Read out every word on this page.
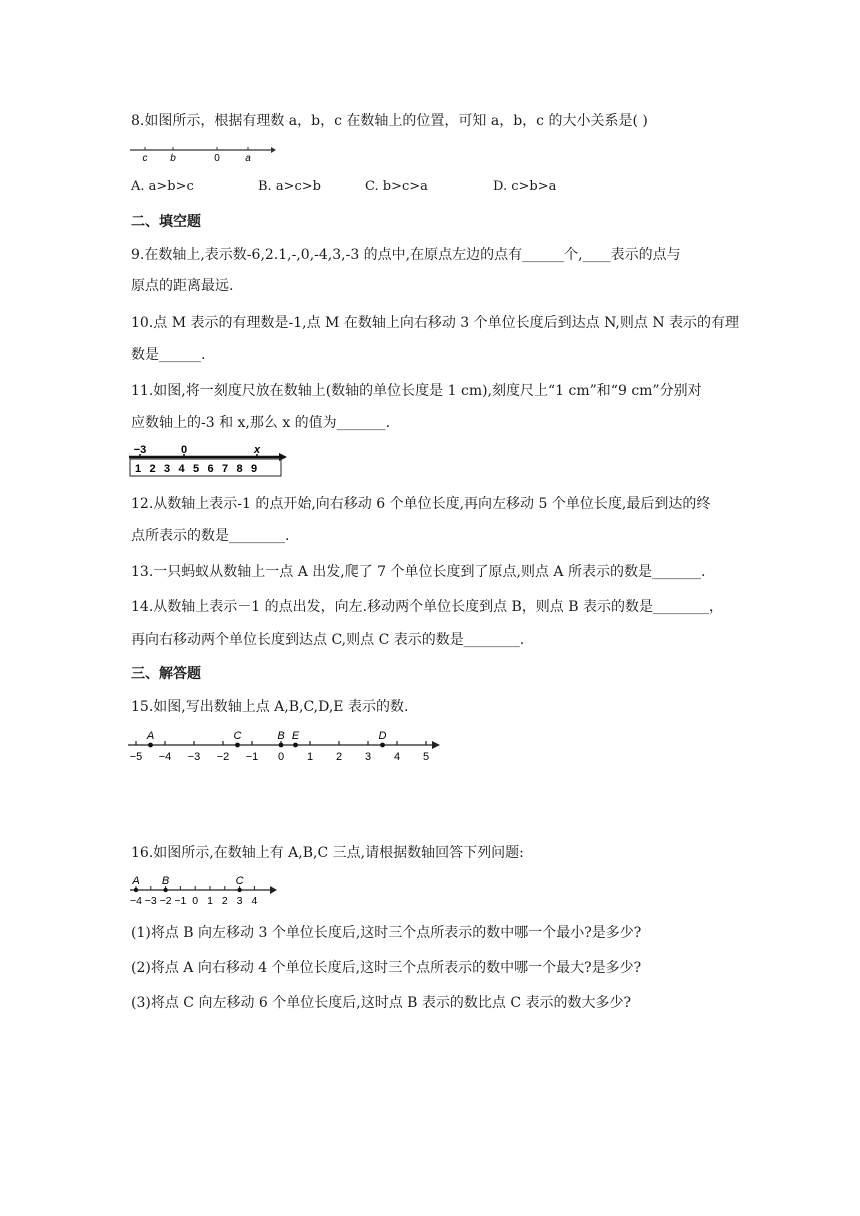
8.如图所示，根据有理数 a，b，c 在数轴上的位置，可知 a，b，c 的大小关系是( )
c b	0	a
A. a>b>c	B. a>c>b	C. b>c>a	D. c>b>a
二、填空题
9.在数轴上,表示数-6,2.1,-,0,-4,3,-3 的点中,在原点左边的点有______个,____表示的点与
原点的距离最远.
10.点 M 表示的有理数是-1,点 M 在数轴上向右移动 3 个单位长度后到达点 N,则点 N 表示的有理
数是______.
11.如图,将一刻度尺放在数轴上(数轴的单位长度是 1 cm),刻度尺上“1 cm”和“9 cm”分别对
应数轴上的-3 和 x,那么 x 的值为_______.
−3	0	x
1 2 3 4 5 6 7 8 9
12.从数轴上表示-1 的点开始,向右移动 6 个单位长度,再向左移动 5 个单位长度,最后到达的终
点所表示的数是________.
13.一只蚂蚁从数轴上一点 A 出发,爬了 7 个单位长度到了原点,则点 A 所表示的数是_______.
14.从数轴上表示－1 的点出发，向左.移动两个单位长度到点 B，则点 B 表示的数是________，
再向右移动两个单位长度到达点 C,则点 C 表示的数是________.
三、解答题
15.如图,写出数轴上点 A,B,C,D,E 表示的数.
−5 −4 −3 −2 −1 0 1 2 3 4 5
A	C	B E	D
16.如图所示,在数轴上有 A,B,C 三点,请根据数轴回答下列问题:
−4 −3 −2 −1 0 1 2 3 4
A B	C
(1)将点 B 向左移动 3 个单位长度后,这时三个点所表示的数中哪一个最小?是多少?
(2)将点 A 向右移动 4 个单位长度后,这时三个点所表示的数中哪一个最大?是多少?
(3)将点 C 向左移动 6 个单位长度后,这时点 B 表示的数比点 C 表示的数大多少?
